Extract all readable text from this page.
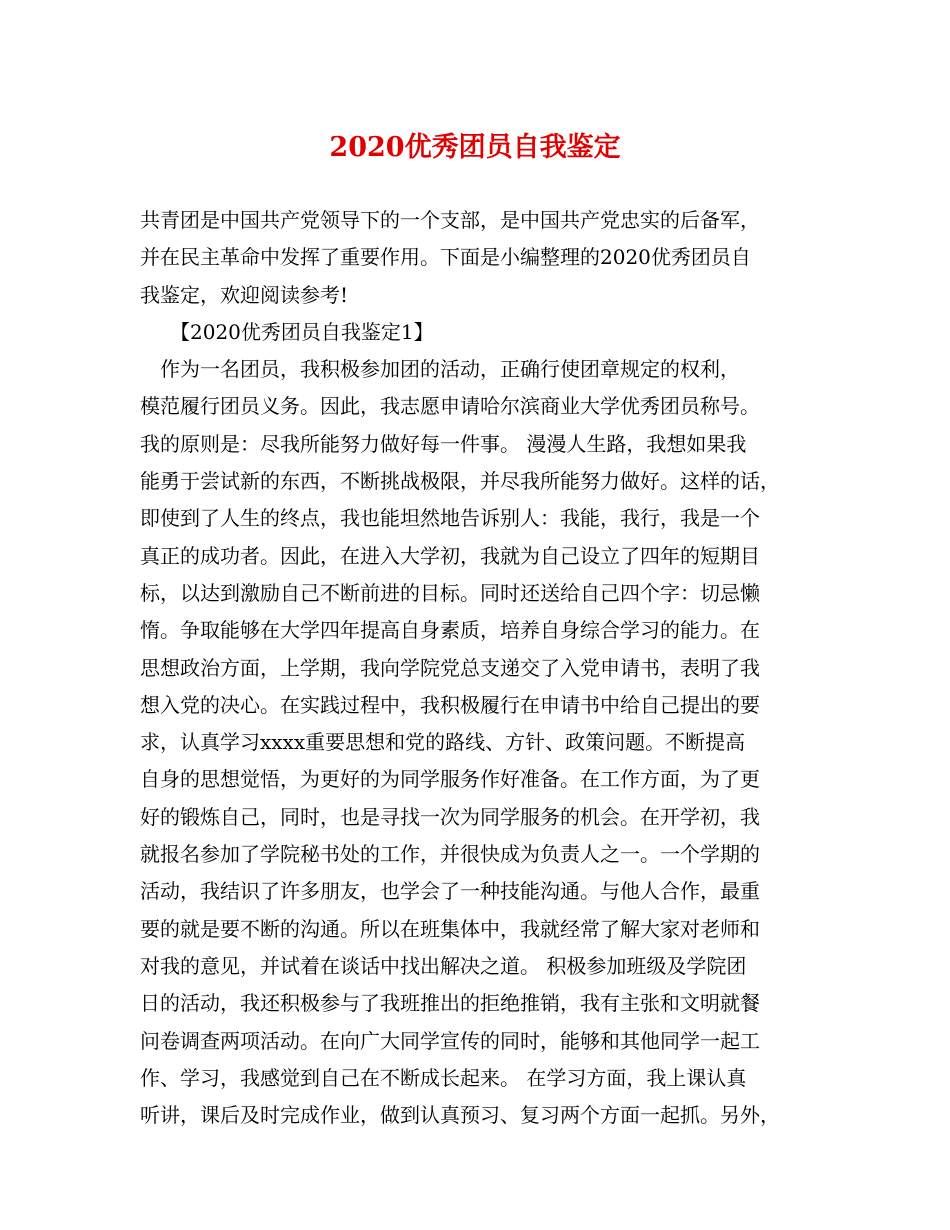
2020优秀团员自我鉴定
共青团是中国共产党领导下的一个支部，是中国共产党忠实的后备军，
并在民主革命中发挥了重要作用。下面是小编整理的2020优秀团员自
我鉴定，欢迎阅读参考!
　　【2020优秀团员自我鉴定1】
　作为一名团员，我积极参加团的活动，正确行使团章规定的权利，
模范履行团员义务。因此，我志愿申请哈尔滨商业大学优秀团员称号。
我的原则是：尽我所能努力做好每一件事。 漫漫人生路，我想如果我
能勇于尝试新的东西，不断挑战极限，并尽我所能努力做好。这样的话，
即使到了人生的终点，我也能坦然地告诉别人：我能，我行，我是一个
真正的成功者。因此，在进入大学初，我就为自己设立了四年的短期目
标，以达到激励自己不断前进的目标。同时还送给自己四个字：切忌懒
惰。争取能够在大学四年提高自身素质，培养自身综合学习的能力。在
思想政治方面，上学期，我向学院党总支递交了入党申请书，表明了我
想入党的决心。在实践过程中，我积极履行在申请书中给自己提出的要
求，认真学习xxxx重要思想和党的路线、方针、政策问题。不断提高
自身的思想觉悟，为更好的为同学服务作好准备。在工作方面，为了更
好的锻炼自己，同时，也是寻找一次为同学服务的机会。在开学初，我
就报名参加了学院秘书处的工作，并很快成为负责人之一。一个学期的
活动，我结识了许多朋友，也学会了一种技能沟通。与他人合作，最重
要的就是要不断的沟通。所以在班集体中，我就经常了解大家对老师和
对我的意见，并试着在谈话中找出解决之道。 积极参加班级及学院团
日的活动，我还积极参与了我班推出的拒绝推销，我有主张和文明就餐
问卷调查两项活动。在向广大同学宣传的同时，能够和其他同学一起工
作、学习，我感觉到自己在不断成长起来。 在学习方面，我上课认真
听讲，课后及时完成作业，做到认真预习、复习两个方面一起抓。另外，
